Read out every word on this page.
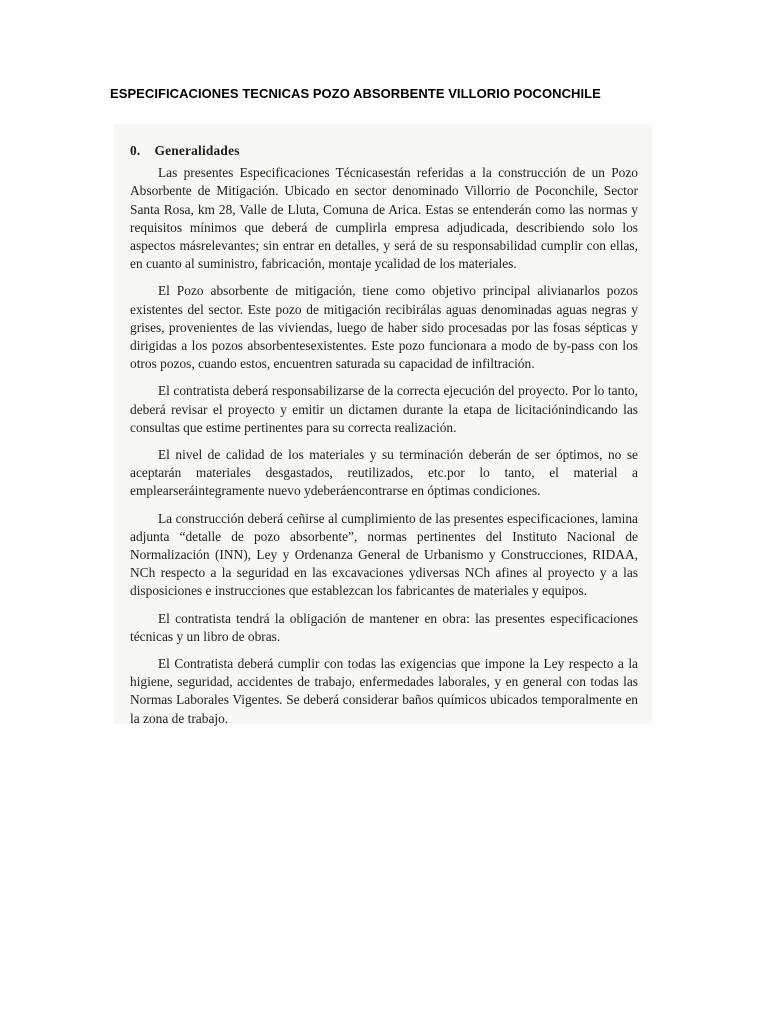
ESPECIFICACIONES TECNICAS POZO ABSORBENTE VILLORIO POCONCHILE
0. Generalidades

Las presentes Especificaciones Técnicasestán referidas a la construcción de un Pozo Absorbente de Mitigación. Ubicado en sector denominado Villorrio de Poconchile, Sector Santa Rosa, km 28, Valle de Lluta, Comuna de Arica. Estas se entenderán como las normas y requisitos mínimos que deberá de cumplirla empresa adjudicada, describiendo solo los aspectos másrelevantes; sin entrar en detalles, y será de su responsabilidad cumplir con ellas, en cuanto al suministro, fabricación, montaje ycalidad de los materiales.

El Pozo absorbente de mitigación, tiene como objetivo principal alivianarlos pozos existentes del sector. Este pozo de mitigación recibirálas aguas denominadas aguas negras y grises, provenientes de las viviendas, luego de haber sido procesadas por las fosas sépticas y dirigidas a los pozos absorbentesexistentes. Este pozo funcionara a modo de by-pass con los otros pozos, cuando estos, encuentren saturada su capacidad de infiltración.

El contratista deberá responsabilizarse de la correcta ejecución del proyecto. Por lo tanto, deberá revisar el proyecto y emitir un dictamen durante la etapa de licitaciónindicando las consultas que estime pertinentes para su correcta realización.

El nivel de calidad de los materiales y su terminación deberán de ser óptimos, no se aceptarán materiales desgastados, reutilizados, etc.por lo tanto, el material a emplearseráintegramente nuevo ydeberáencontrarse en óptimas condiciones.

La construcción deberá ceñirse al cumplimiento de las presentes especificaciones, lamina adjunta “detalle de pozo absorbente”, normas pertinentes del Instituto Nacional de Normalización (INN), Ley y Ordenanza General de Urbanismo y Construcciones, RIDAA, NCh respecto a la seguridad en las excavaciones ydiversas NCh afines al proyecto y a las disposiciones e instrucciones que establezcan los fabricantes de materiales y equipos.

El contratista tendrá la obligación de mantener en obra: las presentes especificaciones técnicas y un libro de obras.

El Contratista deberá cumplir con todas las exigencias que impone la Ley respecto a la higiene, seguridad, accidentes de trabajo, enfermedades laborales, y en general con todas las Normas Laborales Vigentes. Se deberá considerar baños químicos ubicados temporalmente en la zona de trabajo.
